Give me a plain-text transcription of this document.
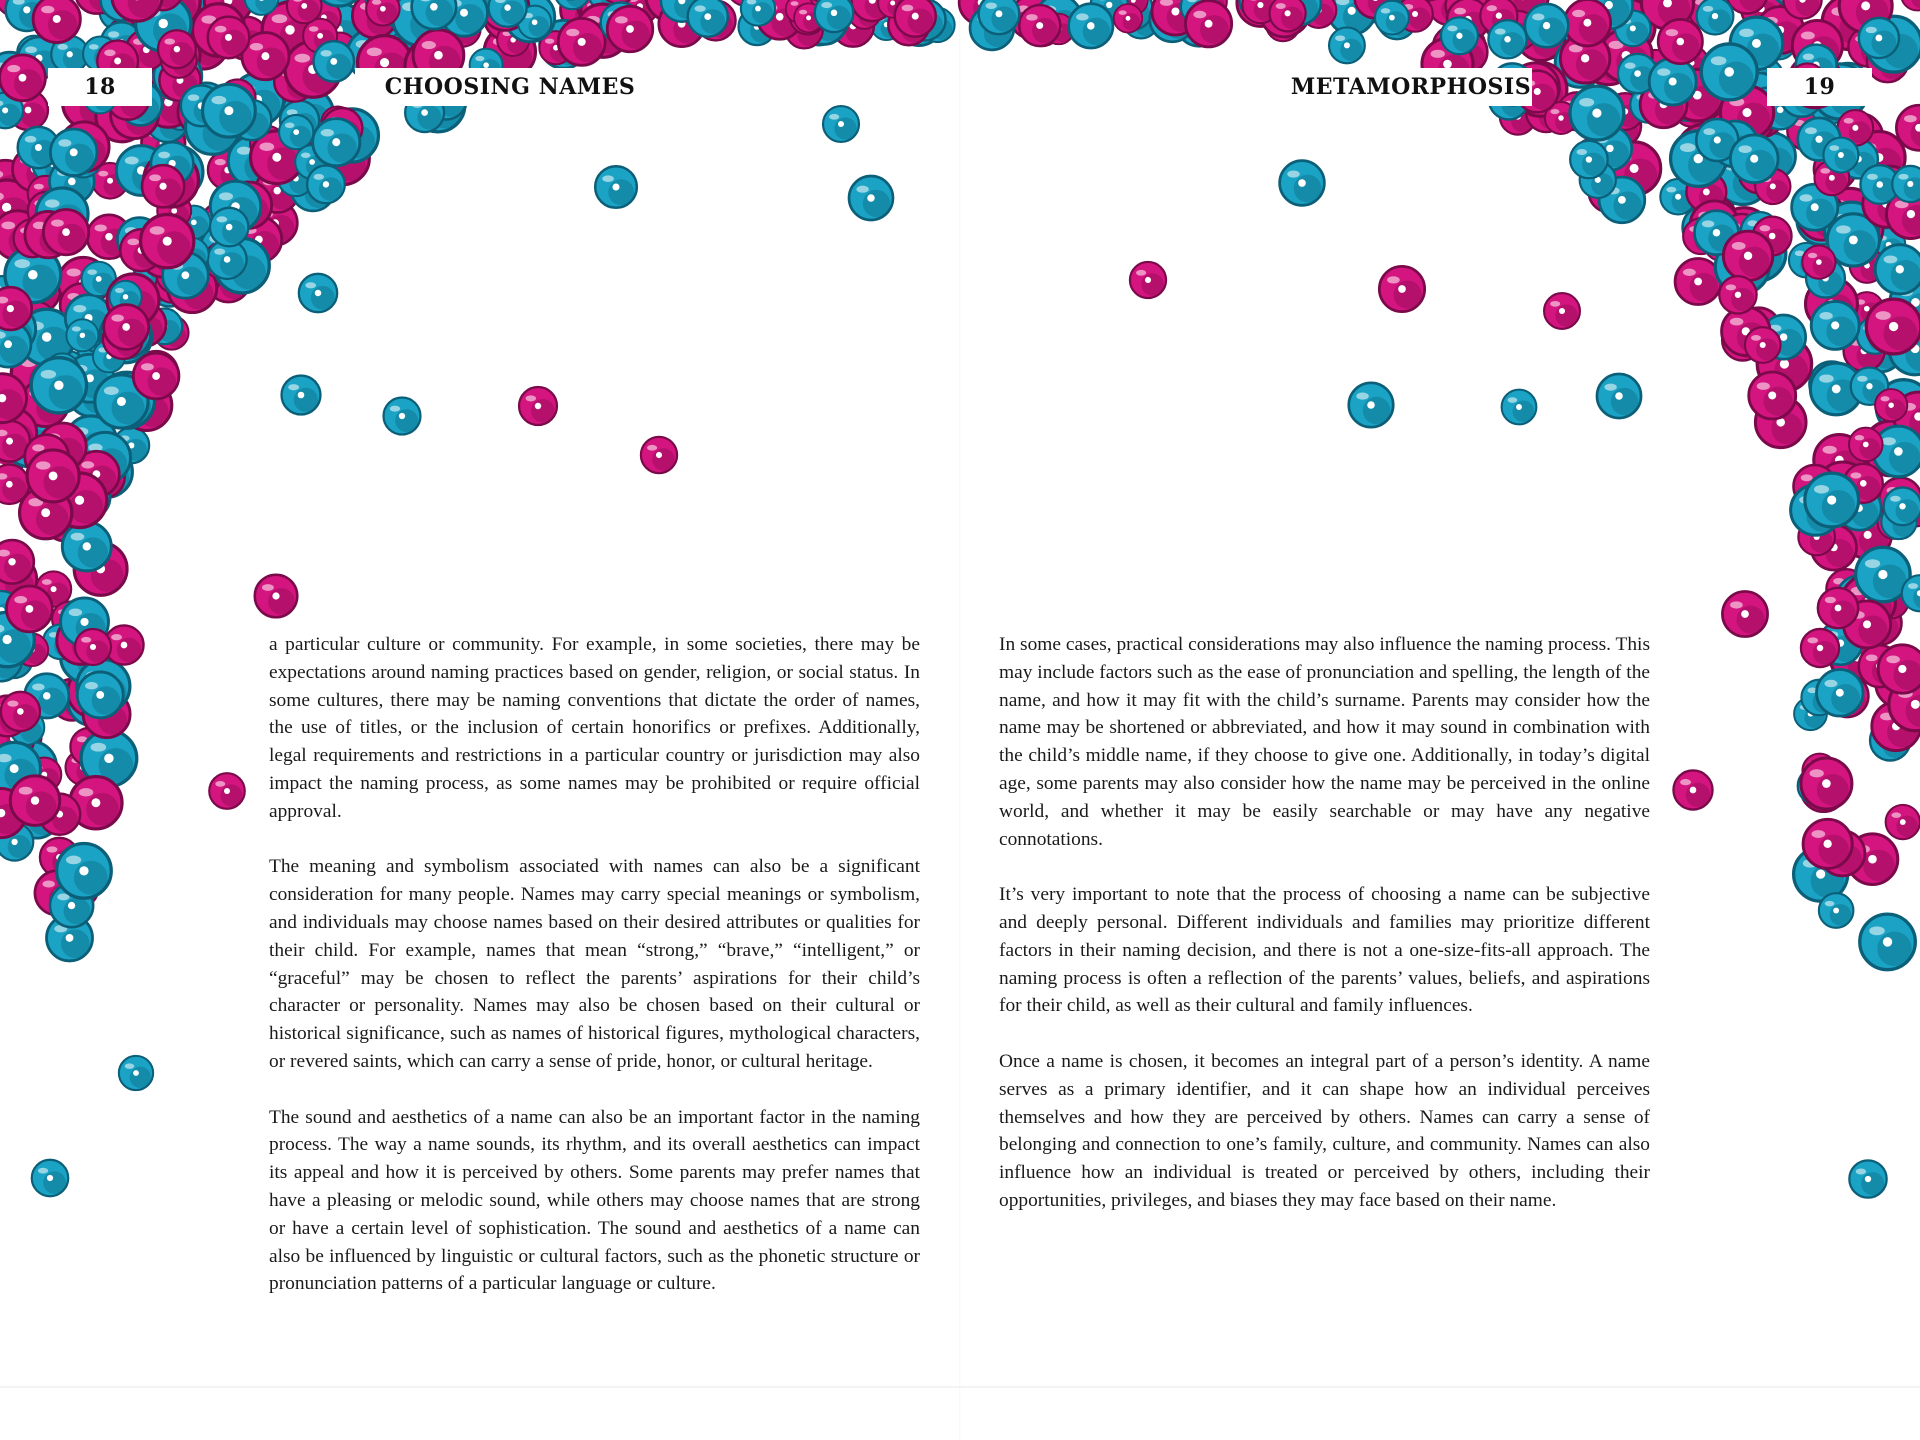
18	CHOOSING NAMES	METAMORPHOSIS	19

a particular culture or community. For example, in some societies, there may be expectations around naming practices based on gender, religion, or social status. In some cultures, there may be naming conventions that dictate the order of names, the use of titles, or the inclusion of certain honorifics or prefixes. Additionally, legal requirements and restrictions in a particular country or jurisdiction may also impact the naming process, as some names may be prohibited or require official approval.

The meaning and symbolism associated with names can also be a significant consideration for many people. Names may carry special meanings or symbolism, and individuals may choose names based on their desired attributes or qualities for their child. For example, names that mean “strong,” “brave,” “intelligent,” or “graceful” may be chosen to reflect the parents’ aspirations for their child’s character or personality. Names may also be chosen based on their cultural or historical significance, such as names of historical figures, mythological characters, or revered saints, which can carry a sense of pride, honor, or cultural heritage.

The sound and aesthetics of a name can also be an important factor in the naming process. The way a name sounds, its rhythm, and its overall aesthetics can impact its appeal and how it is perceived by others. Some parents may prefer names that have a pleasing or melodic sound, while others may choose names that are strong or have a certain level of sophistication. The sound and aesthetics of a name can also be influenced by linguistic or cultural factors, such as the phonetic structure or pronunciation patterns of a particular language or culture.

In some cases, practical considerations may also influence the naming process. This may include factors such as the ease of pronunciation and spelling, the length of the name, and how it may fit with the child’s surname. Parents may consider how the name may be shortened or abbreviated, and how it may sound in combination with the child’s middle name, if they choose to give one. Additionally, in today’s digital age, some parents may also consider how the name may be perceived in the online world, and whether it may be easily searchable or may have any negative connotations.

It’s very important to note that the process of choosing a name can be subjective and deeply personal. Different individuals and families may prioritize different factors in their naming decision, and there is not a one-size-fits-all approach. The naming process is often a reflection of the parents’ values, beliefs, and aspirations for their child, as well as their cultural and family influences.

Once a name is chosen, it becomes an integral part of a person’s identity. A name serves as a primary identifier, and it can shape how an individual perceives themselves and how they are perceived by others. Names can carry a sense of belonging and connection to one’s family, culture, and community. Names can also influence how an individual is treated or perceived by others, including their opportunities, privileges, and biases they may face based on their name.
